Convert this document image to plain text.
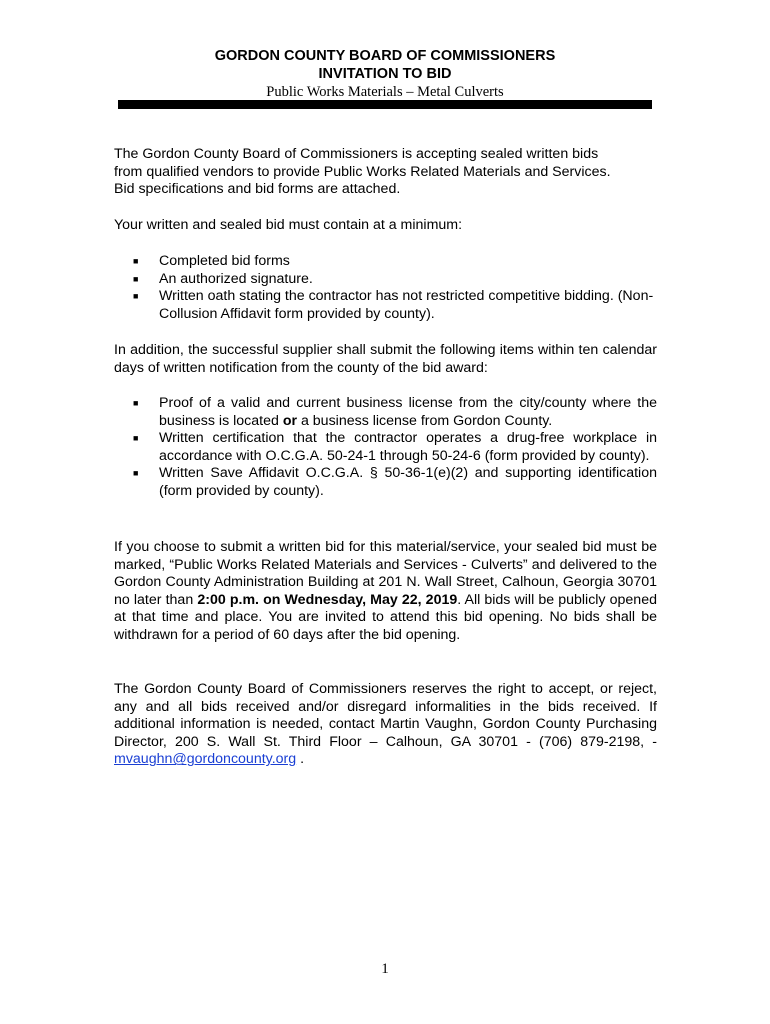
GORDON COUNTY BOARD OF COMMISSIONERS
INVITATION TO BID
Public Works Materials – Metal Culverts
The Gordon County Board of Commissioners is accepting sealed written bids
from qualified vendors to provide Public Works Related Materials and Services.
Bid specifications and bid forms are attached.
Your written and sealed bid must contain at a minimum:
■ Completed bid forms
■ An authorized signature.
■ Written oath stating the contractor has not restricted competitive bidding. (Non-Collusion Affidavit form provided by county).
In addition, the successful supplier shall submit the following items within ten calendar days of written notification from the county of the bid award:
■ Proof of a valid and current business license from the city/county where the business is located or a business license from Gordon County.
■ Written certification that the contractor operates a drug-free workplace in accordance with O.C.G.A. 50-24-1 through 50-24-6 (form provided by county).
■ Written Save Affidavit O.C.G.A. § 50-36-1(e)(2) and supporting identification (form provided by county).
If you choose to submit a written bid for this material/service, your sealed bid must be marked, “Public Works Related Materials and Services - Culverts” and delivered to the Gordon County Administration Building at 201 N. Wall Street, Calhoun, Georgia 30701 no later than 2:00 p.m. on Wednesday, May 22, 2019. All bids will be publicly opened at that time and place. You are invited to attend this bid opening. No bids shall be withdrawn for a period of 60 days after the bid opening.
The Gordon County Board of Commissioners reserves the right to accept, or reject, any and all bids received and/or disregard informalities in the bids received. If additional information is needed, contact Martin Vaughn, Gordon County Purchasing Director, 200 S. Wall St. Third Floor – Calhoun, GA 30701 - (706) 879-2198, - mvaughn@gordoncounty.org .
1
